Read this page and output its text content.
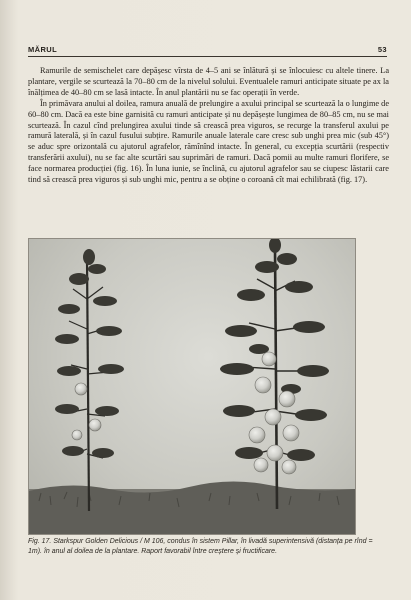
MĂRUL	53

Ramurile de semischelet care depășesc vîrsta de 4–5 ani se înlătură și se înlocuiesc cu altele tinere. La plantare, vergile se scurtează la 70–80 cm de la nivelul solului. Eventualele ramuri anticipate situate pe ax la înălțimea de 40–80 cm se lasă intacte. În anul plantării nu se fac operații în verde.

În primăvara anului al doilea, ramura anuală de prelungire a axului principal se scurtează la o lungime de 60–80 cm. Dacă ea este bine garnisită cu ramuri anticipate și nu depășește lungimea de 80–85 cm, nu se mai scurtează. În cazul cînd prelungirea axului tinde să crească prea viguros, se recurge la transferul axului pe ramură laterală, și în cazul fusului subțire. Ramurile anuale laterale care cresc sub unghi prea mic (sub 45°) se aduc spre orizontală cu ajutorul agrafelor, rămînînd intacte. În general, cu excepția scurtării (respectiv transferării axului), nu se fac alte scurtări sau suprimări de ramuri. Dacă pomii au multe ramuri florifere, se face normarea producției (fig. 16). În luna iunie, se înclină, cu ajutorul agrafelor sau se ciupesc lăstarii care tind să crească prea viguros și sub unghi mic, pentru a se obține o coroană cît mai echilibrată (fig. 17).

Fig. 17. Starkspur Golden Delicious / M 106, condus în sistem Pillar, în livadă superintensivă (distanța pe rînd = 1m). în anul al doilea de la plantare. Raport favorabil între creștere și fructificare.
